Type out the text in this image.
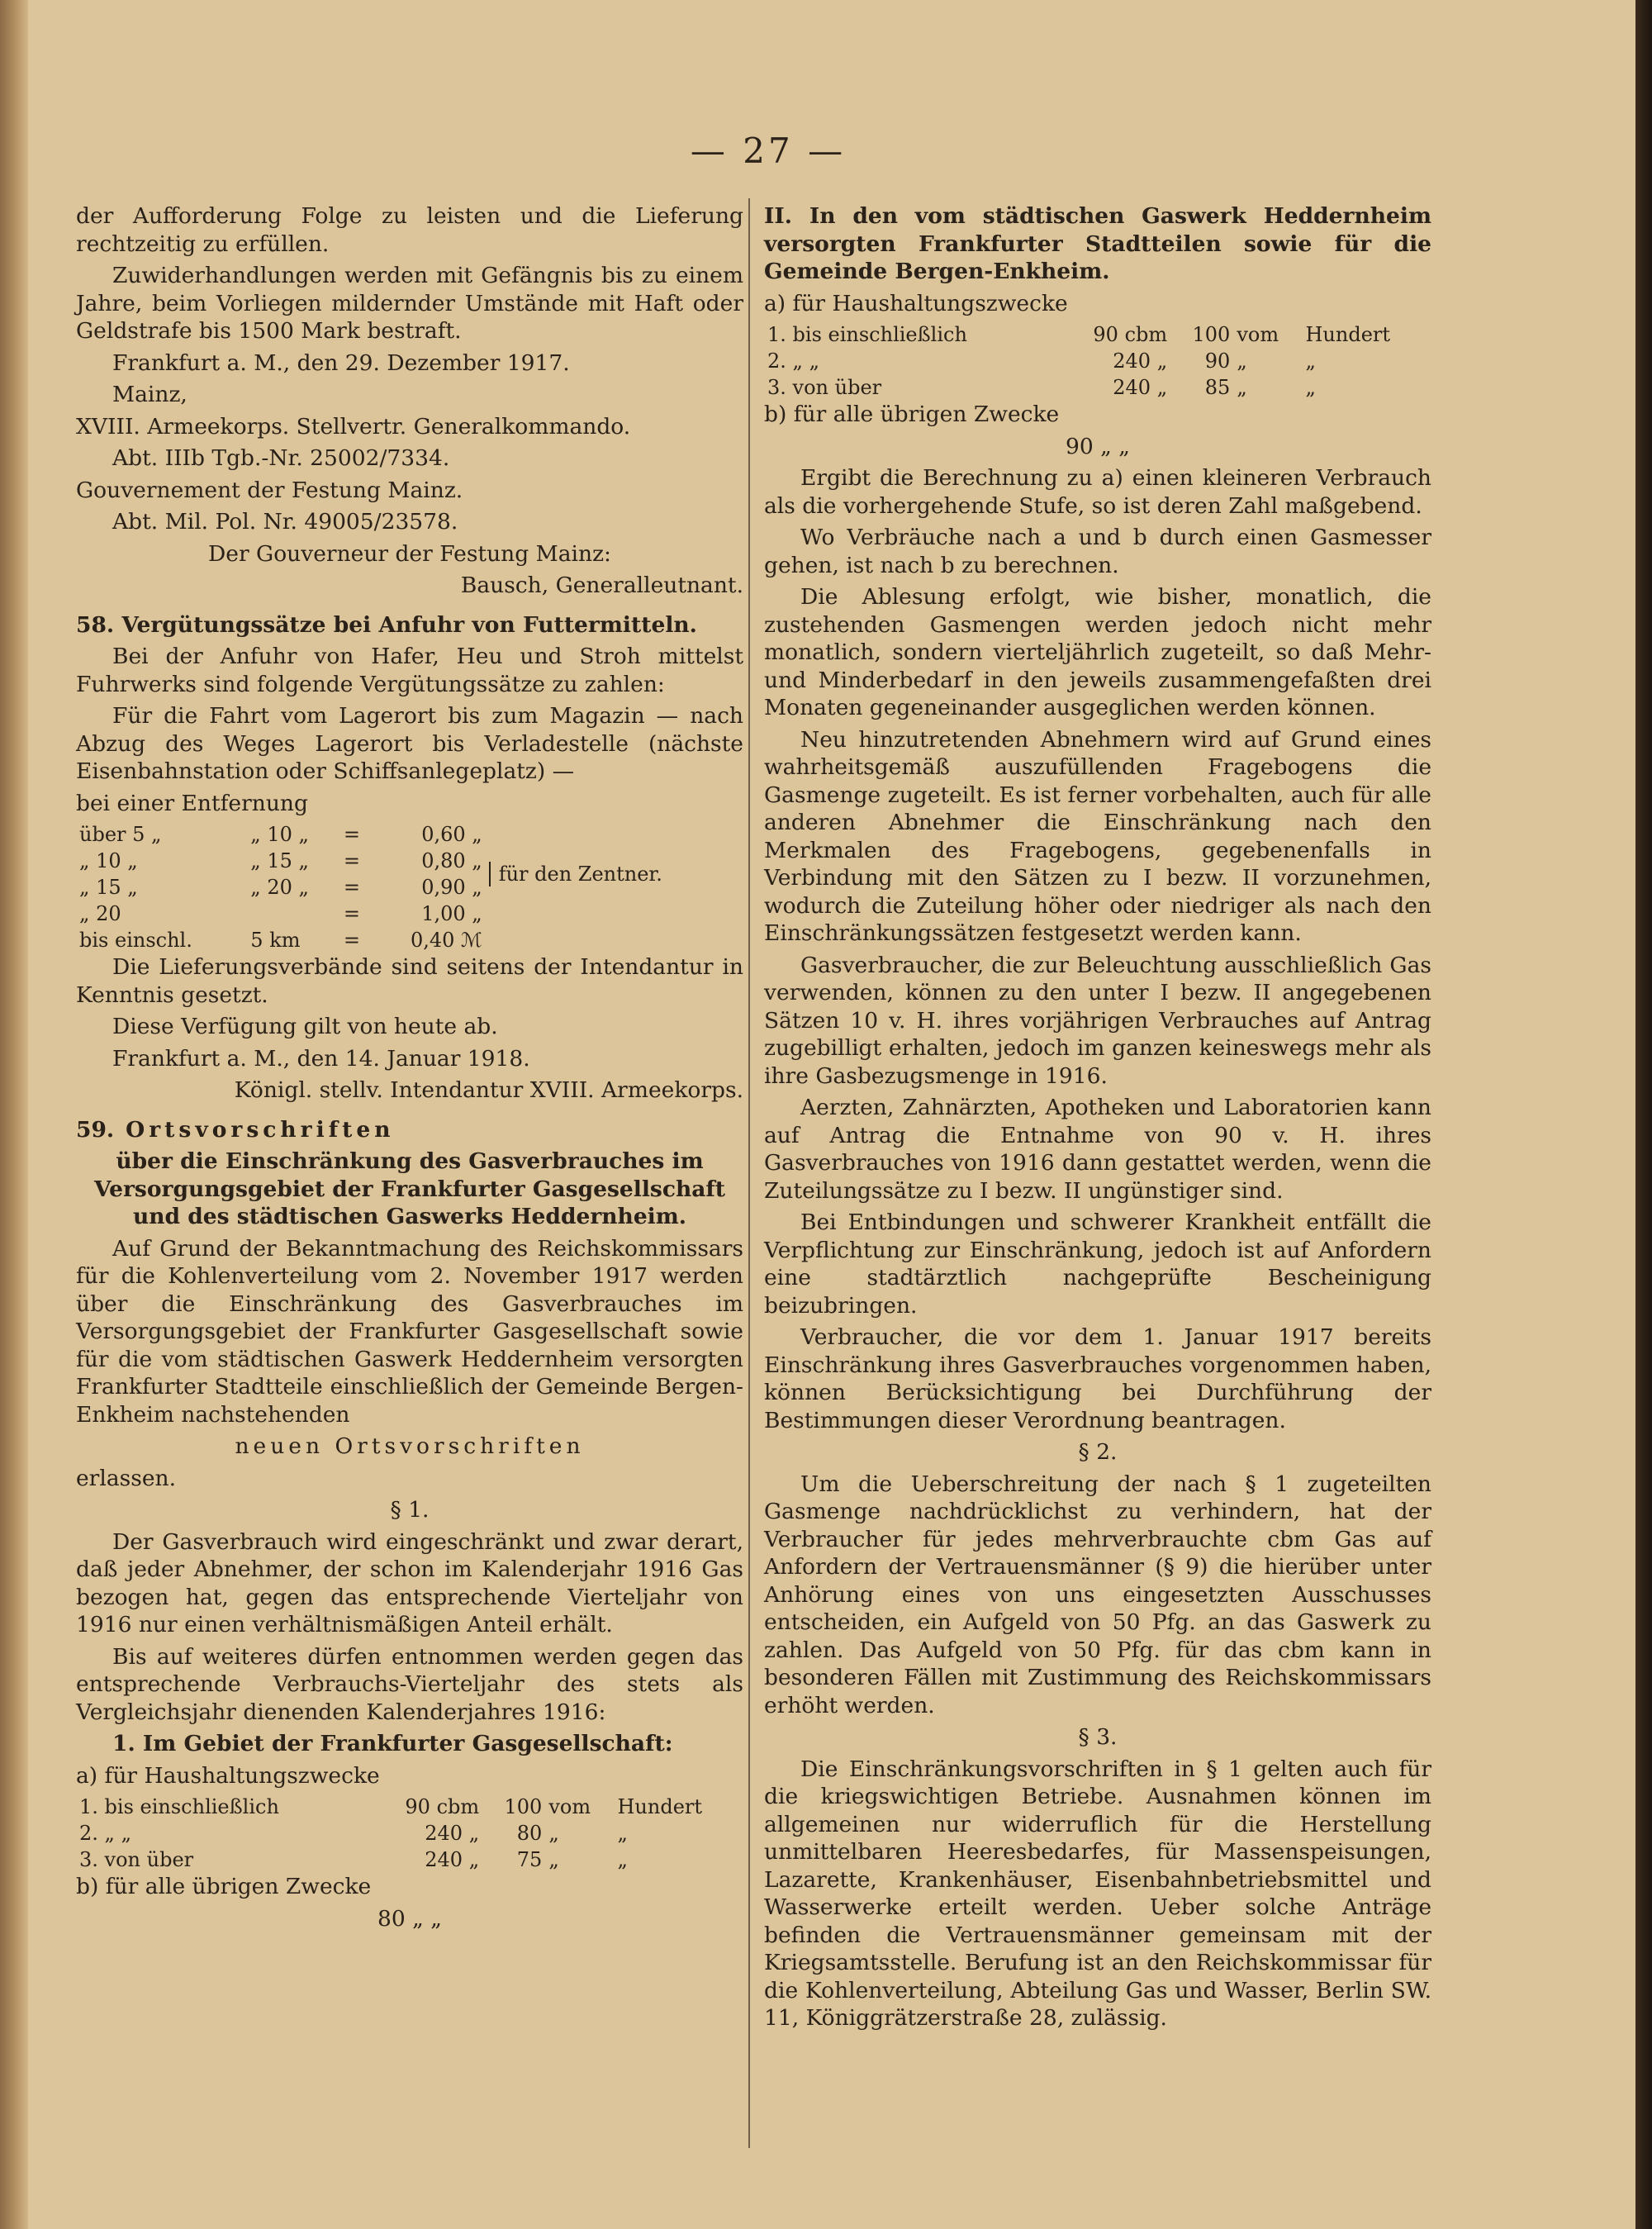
— 27 —

der Aufforderung Folge zu leisten und die Lieferung rechtzeitig zu erfüllen.

Zuwiderhandlungen werden mit Gefängnis bis zu einem Jahre, beim Vorliegen mildernder Umstände mit Haft oder Geldstrafe bis 1500 Mark bestraft.

Frankfurt a. M., den 29. Dezember 1917.

Mainz,

XVIII. Armeekorps. Stellvertr. Generalkommando.

Abt. IIIb Tgb.-Nr. 25002/7334.

Gouvernement der Festung Mainz.

Abt. Mil. Pol. Nr. 49005/23578.

Der Gouverneur der Festung Mainz:

Bausch, Generalleutnant.

58. Vergütungssätze bei Anfuhr von Futtermitteln.

Bei der Anfuhr von Hafer, Heu und Stroh mittelst Fuhrwerks sind folgende Vergütungssätze zu zahlen:

Für die Fahrt vom Lagerort bis zum Magazin — nach Abzug des Weges Lagerort bis Verladestelle (nächste Eisenbahnstation oder Schiffsanlegeplatz) —

bei einer Entfernung

über 5 „	„ 10 „	=	0,60 „	für den Zentner.

„ 10 „	„ 15 „	=	0,80 „	
„ 15 „	„ 20 „	=	0,90 „	
„ 20		=	1,00 „	
bis einschl.	5 km	=	0,40 ℳ	

Die Lieferungsverbände sind seitens der Intendantur in Kenntnis gesetzt.

Diese Verfügung gilt von heute ab.

Frankfurt a. M., den 14. Januar 1918.

Königl. stellv. Intendantur XVIII. Armeekorps.

59. Ortsvorschriften

über die Einschränkung des Gasverbrauches im Versorgungsgebiet der Frankfurter Gasgesellschaft und des städtischen Gaswerks Heddernheim.

Auf Grund der Bekanntmachung des Reichskommissars für die Kohlenverteilung vom 2. November 1917 werden über die Einschränkung des Gasverbrauches im Versorgungsgebiet der Frankfurter Gasgesellschaft sowie für die vom städtischen Gaswerk Heddernheim versorgten Frankfurter Stadtteile einschließlich der Gemeinde Bergen-Enkheim nachstehenden

neuen Ortsvorschriften

erlassen.

§ 1.

Der Gasverbrauch wird eingeschränkt und zwar derart, daß jeder Abnehmer, der schon im Kalenderjahr 1916 Gas bezogen hat, gegen das entsprechende Vierteljahr von 1916 nur einen verhältnismäßigen Anteil erhält.

Bis auf weiteres dürfen entnommen werden gegen das entsprechende Verbrauchs-Vierteljahr des stets als Vergleichsjahr dienenden Kalenderjahres 1916:

1. Im Gebiet der Frankfurter Gasgesellschaft:

a) für Haushaltungszwecke

1. bis einschließlich	90 cbm	100	vom	Hundert
2. „ „	240 „	80	„	„
3. von über	240 „	75	„	„

b) für alle übrigen Zwecke

80 „ „

II. In den vom städtischen Gaswerk Heddernheim versorgten Frankfurter Stadtteilen sowie für die Gemeinde Bergen-Enkheim.

a) für Haushaltungszwecke

1. bis einschließlich	90 cbm	100	vom	Hundert
2. „ „	240 „	90	„	„
3. von über	240 „	85	„	„

b) für alle übrigen Zwecke

90 „ „

Ergibt die Berechnung zu a) einen kleineren Verbrauch als die vorhergehende Stufe, so ist deren Zahl maßgebend.

Wo Verbräuche nach a und b durch einen Gasmesser gehen, ist nach b zu berechnen.

Die Ablesung erfolgt, wie bisher, monatlich, die zustehenden Gasmengen werden jedoch nicht mehr monatlich, sondern vierteljährlich zugeteilt, so daß Mehr- und Minderbedarf in den jeweils zusammengefaßten drei Monaten gegeneinander ausgeglichen werden können.

Neu hinzutretenden Abnehmern wird auf Grund eines wahrheitsgemäß auszufüllenden Fragebogens die Gasmenge zugeteilt. Es ist ferner vorbehalten, auch für alle anderen Abnehmer die Einschränkung nach den Merkmalen des Fragebogens, gegebenenfalls in Verbindung mit den Sätzen zu I bezw. II vorzunehmen, wodurch die Zuteilung höher oder niedriger als nach den Einschränkungssätzen festgesetzt werden kann.

Gasverbraucher, die zur Beleuchtung ausschließlich Gas verwenden, können zu den unter I bezw. II angegebenen Sätzen 10 v. H. ihres vorjährigen Verbrauches auf Antrag zugebilligt erhalten, jedoch im ganzen keineswegs mehr als ihre Gasbezugsmenge in 1916.

Aerzten, Zahnärzten, Apotheken und Laboratorien kann auf Antrag die Entnahme von 90 v. H. ihres Gasverbrauches von 1916 dann gestattet werden, wenn die Zuteilungssätze zu I bezw. II ungünstiger sind.

Bei Entbindungen und schwerer Krankheit entfällt die Verpflichtung zur Einschränkung, jedoch ist auf Anfordern eine stadtärztlich nachgeprüfte Bescheinigung beizubringen.

Verbraucher, die vor dem 1. Januar 1917 bereits Einschränkung ihres Gasverbrauches vorgenommen haben, können Berücksichtigung bei Durchführung der Bestimmungen dieser Verordnung beantragen.

§ 2.

Um die Ueberschreitung der nach § 1 zugeteilten Gasmenge nachdrücklichst zu verhindern, hat der Verbraucher für jedes mehrverbrauchte cbm Gas auf Anfordern der Vertrauensmänner (§ 9) die hierüber unter Anhörung eines von uns eingesetzten Ausschusses entscheiden, ein Aufgeld von 50 Pfg. an das Gaswerk zu zahlen. Das Aufgeld von 50 Pfg. für das cbm kann in besonderen Fällen mit Zustimmung des Reichskommissars erhöht werden.

§ 3.

Die Einschränkungsvorschriften in § 1 gelten auch für die kriegswichtigen Betriebe. Ausnahmen können im allgemeinen nur widerruflich für die Herstellung unmittelbaren Heeresbedarfes, für Massenspeisungen, Lazarette, Krankenhäuser, Eisenbahnbetriebsmittel und Wasserwerke erteilt werden. Ueber solche Anträge befinden die Vertrauensmänner gemeinsam mit der Kriegsamtsstelle. Berufung ist an den Reichskommissar für die Kohlenverteilung, Abteilung Gas und Wasser, Berlin SW. 11, Königgrätzerstraße 28, zulässig.
